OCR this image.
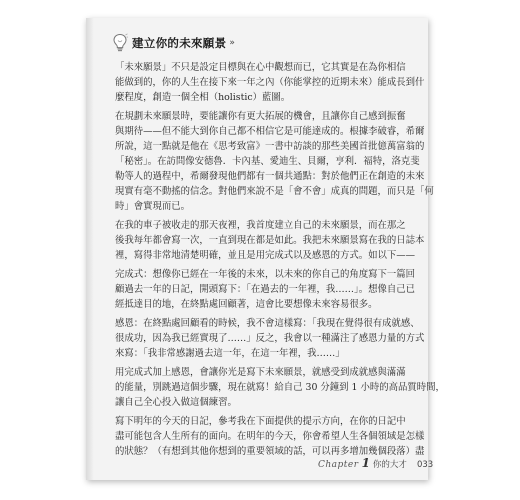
建立你的未來願景 »
「未來願景」不只是設定目標與在心中觀想而已，它其實是在為你相信
能做到的，你的人生在接下來一年之內（你能掌控的近期未來）能成長到什
麼程度，創造一個全相（holistic）藍圖。
在規劃未來願景時，要能讓你有更大拓展的機會，且讓你自己感到振奮
與期待——但不能大到你自己都不相信它是可能達成的。根據李破睿，希爾
所說，這一點就是他在《思考致富》一書中訪談的那些美國首批億萬富翁的
「秘密」。在訪問像安德魯．卡內基、愛迪生、貝爾，亨利．福特，洛克斐
勒等人的過程中，希爾發現他們都有一個共通點：對於他們正在創造的未來
現實有毫不動搖的信念。對他們來說不是「會不會」成真的問題，而只是「何
時」會實現而已。
在我的車子被收走的那天夜裡，我首度建立自己的未來願景，而在那之
後我每年都會寫一次，一直到現在都是如此。我把未來願景寫在我的日誌本
裡，寫得非常地清楚明確，並且是用完成式以及感恩的方式。如以下——
完成式：想像你已經在一年後的未來，以未來的你自己的角度寫下一篇回
顧過去一年的日記，開頭寫下：「在過去的一年裡，我……」。想像自己已
經抵達目的地，在終點處回顧著，這會比要想像未來容易很多。
感恩：在終點處回顧看的時候，我不會這樣寫：「我現在覺得很有成就感、
很成功，因為我已經實現了……」反之，我會以一種滿注了感恩力量的方式
來寫：「我非常感謝過去這一年，在這一年裡，我……」
用完成式加上感恩，會讓你光是寫下未來願景，就感受到成就感與滿滿
的能量，別跳過這個步驟，現在就寫！給自己 30 分鐘到 1 小時的高品質時間，
讓自己全心投入做這個練習。
寫下明年的今天的日記，參考我在下面提供的提示方向，在你的日記中
盡可能包含人生所有的面向。在明年的今天，你會希望人生各個領域是怎樣
的狀態？（有想到其他你想到的重要領域的話，可以再多增加幾個段落）盡
Chapter 1 你的大才 033
